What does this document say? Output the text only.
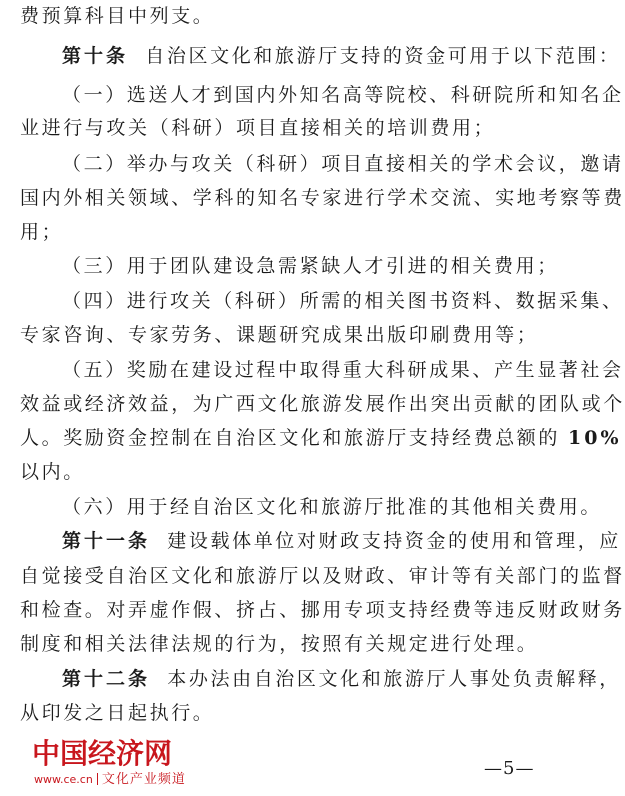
费预算科目中列支。
第十条 自治区文化和旅游厅支持的资金可用于以下范围：
（一）选送人才到国内外知名高等院校、科研院所和知名企
业进行与攻关（科研）项目直接相关的培训费用；
（二）举办与攻关（科研）项目直接相关的学术会议，邀请
国内外相关领域、学科的知名专家进行学术交流、实地考察等费
用；
（三）用于团队建设急需紧缺人才引进的相关费用；
（四）进行攻关（科研）所需的相关图书资料、数据采集、
专家咨询、专家劳务、课题研究成果出版印刷费用等；
（五）奖励在建设过程中取得重大科研成果、产生显著社会
效益或经济效益，为广西文化旅游发展作出突出贡献的团队或个
人。奖励资金控制在自治区文化和旅游厅支持经费总额的 10%
以内。
（六）用于经自治区文化和旅游厅批准的其他相关费用。
第十一条 建设载体单位对财政支持资金的使用和管理，应
自觉接受自治区文化和旅游厅以及财政、审计等有关部门的监督
和检查。对弄虚作假、挤占、挪用专项支持经费等违反财政财务
制度和相关法律法规的行为，按照有关规定进行处理。
第十二条 本办法由自治区文化和旅游厅人事处负责解释，
从印发之日起执行。
中国经济网
www.ce.cn 文化产业频道
—5—
